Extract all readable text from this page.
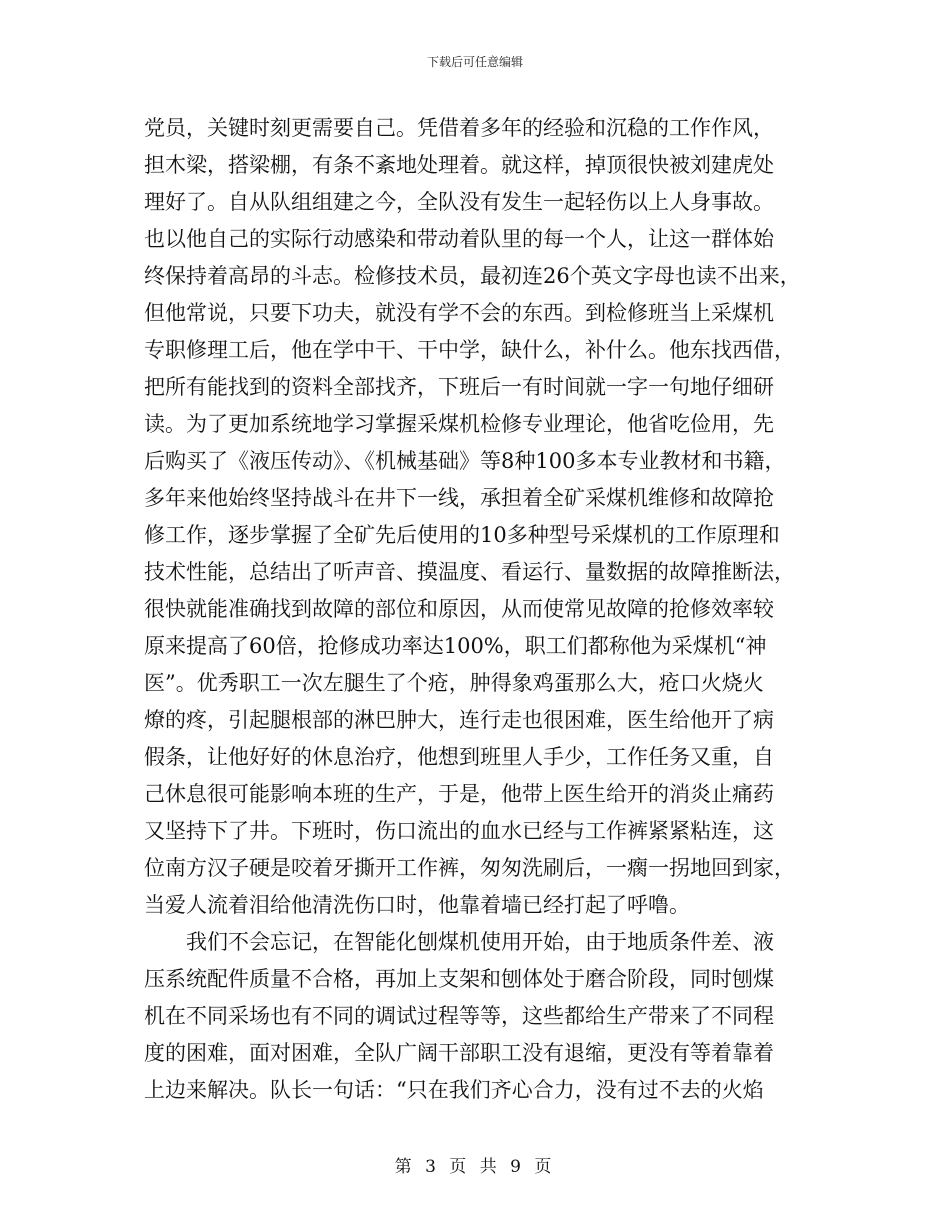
下载后可任意编辑
党员，关键时刻更需要自己。凭借着多年的经验和沉稳的工作作风，
担木梁，搭梁棚，有条不紊地处理着。就这样，掉顶很快被刘建虎处
理好了。自从队组组建之今，全队没有发生一起轻伤以上人身事故。
也以他自己的实际行动感染和带动着队里的每一个人，让这一群体始
终保持着高昂的斗志。检修技术员，最初连26个英文字母也读不出来，
但他常说，只要下功夫，就没有学不会的东西。到检修班当上采煤机
专职修理工后，他在学中干、干中学，缺什么，补什么。他东找西借，
把所有能找到的资料全部找齐，下班后一有时间就一字一句地仔细研
读。为了更加系统地学习掌握采煤机检修专业理论，他省吃俭用，先
后购买了《液压传动》、《机械基础》等8种100多本专业教材和书籍，
多年来他始终坚持战斗在井下一线，承担着全矿采煤机维修和故障抢
修工作，逐步掌握了全矿先后使用的10多种型号采煤机的工作原理和
技术性能，总结出了听声音、摸温度、看运行、量数据的故障推断法，
很快就能准确找到故障的部位和原因，从而使常见故障的抢修效率较
原来提高了60倍，抢修成功率达100%，职工们都称他为采煤机“神
医”。优秀职工一次左腿生了个疮，肿得象鸡蛋那么大，疮口火烧火
燎的疼，引起腿根部的淋巴肿大，连行走也很困难，医生给他开了病
假条，让他好好的休息治疗，他想到班里人手少，工作任务又重，自
己休息很可能影响本班的生产，于是，他带上医生给开的消炎止痛药
又坚持下了井。下班时，伤口流出的血水已经与工作裤紧紧粘连，这
位南方汉子硬是咬着牙撕开工作裤，匆匆洗刷后，一瘸一拐地回到家，
当爱人流着泪给他清洗伤口时，他靠着墙已经打起了呼噜。
我们不会忘记，在智能化刨煤机使用开始，由于地质条件差、液
压系统配件质量不合格，再加上支架和刨体处于磨合阶段，同时刨煤
机在不同采场也有不同的调试过程等等，这些都给生产带来了不同程
度的困难，面对困难，全队广阔干部职工没有退缩，更没有等着靠着
上边来解决。队长一句话：“只在我们齐心合力，没有过不去的火焰
第 3 页 共 9 页
